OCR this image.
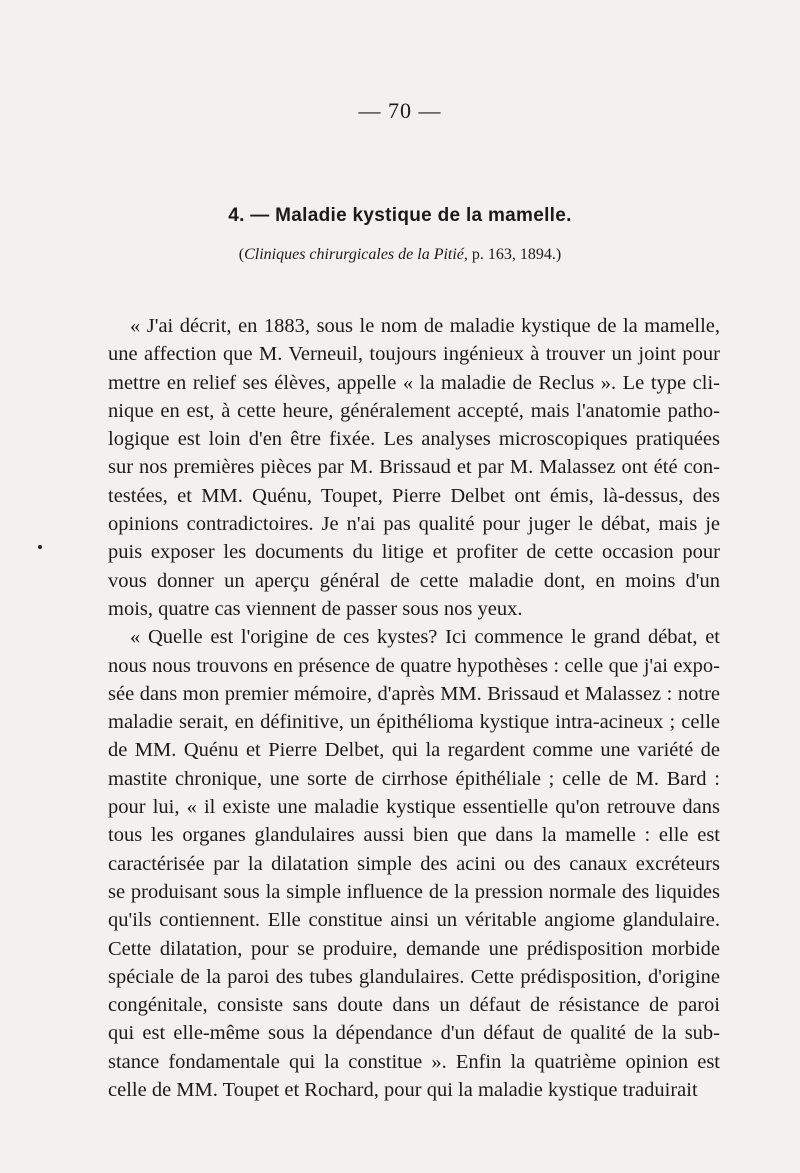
— 70 —
4. — Maladie kystique de la mamelle.
(Cliniques chirurgicales de la Pitié, p. 163, 1894.)
« J'ai décrit, en 1883, sous le nom de maladie kystique de la mamelle,
une affection que M. Verneuil, toujours ingénieux à trouver un joint pour
mettre en relief ses élèves, appelle « la maladie de Reclus ». Le type cli-
nique en est, à cette heure, généralement accepté, mais l'anatomie patho-
logique est loin d'en être fixée. Les analyses microscopiques pratiquées
sur nos premières pièces par M. Brissaud et par M. Malassez ont été con-
testées, et MM. Quénu, Toupet, Pierre Delbet ont émis, là-dessus, des
opinions contradictoires. Je n'ai pas qualité pour juger le débat, mais je
puis exposer les documents du litige et profiter de cette occasion pour
vous donner un aperçu général de cette maladie dont, en moins d'un
mois, quatre cas viennent de passer sous nos yeux.
« Quelle est l'origine de ces kystes? Ici commence le grand débat, et
nous nous trouvons en présence de quatre hypothèses : celle que j'ai expo-
sée dans mon premier mémoire, d'après MM. Brissaud et Malassez : notre
maladie serait, en définitive, un épithélioma kystique intra-acineux ; celle
de MM. Quénu et Pierre Delbet, qui la regardent comme une variété de
mastite chronique, une sorte de cirrhose épithéliale ; celle de M. Bard :
pour lui, « il existe une maladie kystique essentielle qu'on retrouve dans
tous les organes glandulaires aussi bien que dans la mamelle : elle est
caractérisée par la dilatation simple des acini ou des canaux excréteurs
se produisant sous la simple influence de la pression normale des liquides
qu'ils contiennent. Elle constitue ainsi un véritable angiome glandulaire.
Cette dilatation, pour se produire, demande une prédisposition morbide
spéciale de la paroi des tubes glandulaires. Cette prédisposition, d'origine
congénitale, consiste sans doute dans un défaut de résistance de paroi
qui est elle-même sous la dépendance d'un défaut de qualité de la sub-
stance fondamentale qui la constitue ». Enfin la quatrième opinion est
celle de MM. Toupet et Rochard, pour qui la maladie kystique traduirait
